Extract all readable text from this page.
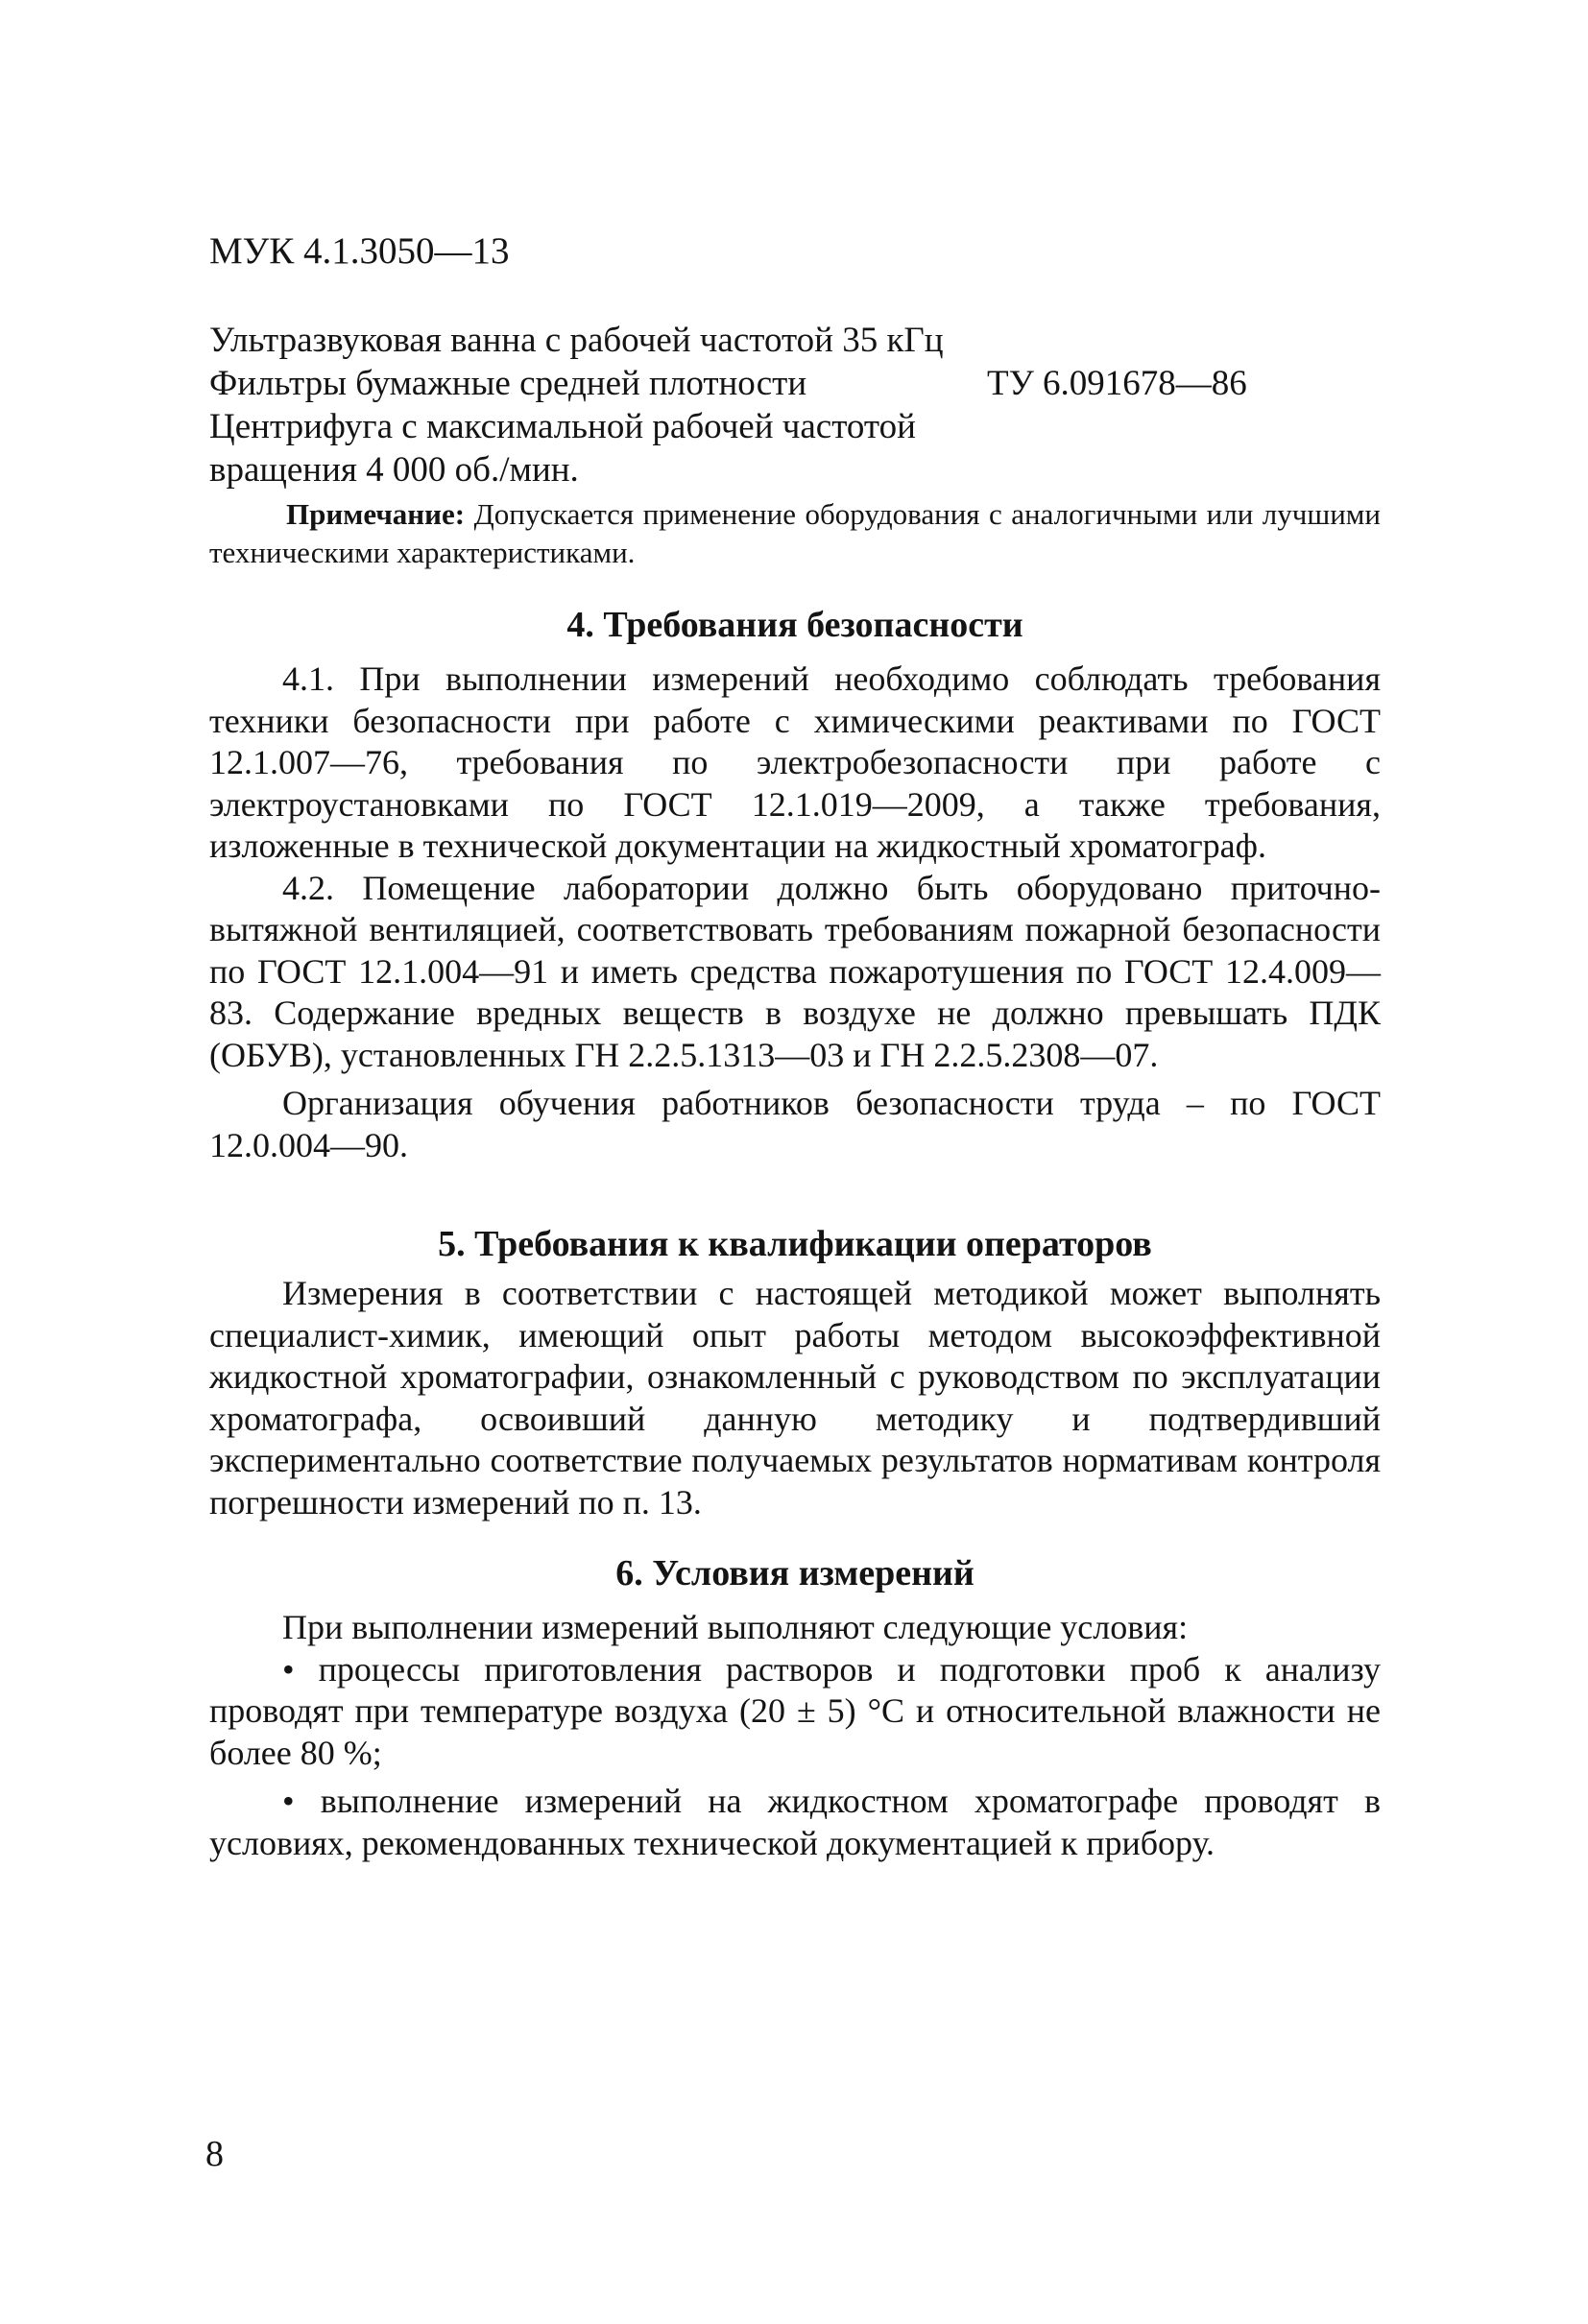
МУК 4.1.3050—13
Ультразвуковая ванна с рабочей частотой 35 кГц
Фильтры бумажные средней плотности	ТУ 6.091678—86
Центрифуга с максимальной рабочей частотой
вращения 4 000 об./мин.
Примечание: Допускается применение оборудования с аналогичными или лучшими техническими характеристиками.
4. Требования безопасности

4.1. При выполнении измерений необходимо соблюдать требования техники безопасности при работе с химическими реактивами по ГОСТ 12.1.007—76, требования по электробезопасности при работе с электроустановками по ГОСТ 12.1.019—2009, а также требования, изложенные в технической документации на жидкостный хроматограф.

4.2. Помещение лаборатории должно быть оборудовано приточно-вытяжной вентиляцией, соответствовать требованиям пожарной безопасности по ГОСТ 12.1.004—91 и иметь средства пожаротушения по ГОСТ 12.4.009—83. Содержание вредных веществ в воздухе не должно превышать ПДК (ОБУВ), установленных ГН 2.2.5.1313—03 и ГН 2.2.5.2308—07.

Организация обучения работников безопасности труда – по ГОСТ 12.0.004—90.

5. Требования к квалификации операторов

Измерения в соответствии с настоящей методикой может выполнять специалист-химик, имеющий опыт работы методом высокоэффективной жидкостной хроматографии, ознакомленный с руководством по эксплуатации хроматографа, освоивший данную методику и подтвердивший экспериментально соответствие получаемых результатов нормативам контроля погрешности измерений по п. 13.

6. Условия измерений

При выполнении измерений выполняют следующие условия:

• процессы приготовления растворов и подготовки проб к анализу проводят при температуре воздуха (20 ± 5) °С и относительной влажности не более 80 %;

• выполнение измерений на жидкостном хроматографе проводят в условиях, рекомендованных технической документацией к прибору.

8
